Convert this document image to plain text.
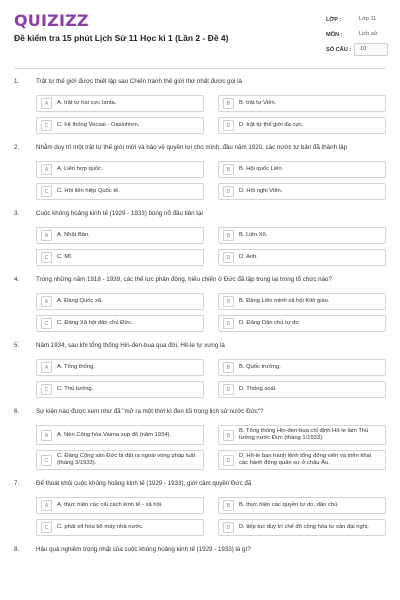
QUIZIZZ
Đề kiểm tra 15 phút Lịch Sử 11 Học kì 1 (Lần 2 - Đề 4)
LỚP :	Lớp 11
MÔN :	Lịch sử
SỐ CÂU :	10
1.	Trật tự thế giới được thiết lập sau Chiến tranh thế giới thứ nhất được gọi là
A	A. trật tự hai cực Ianta.	B	B. trật tự Viên.
C	C. hệ thống Vecxai - Oasinhtơn.	D	D. trật tự thế giới đa cực.
2.	Nhằm duy trì một trật tự thế giới mới và bảo vệ quyền lợi cho mình, đầu năm 1920, các nước tư bản đã thành lập
A	A. Liên hợp quốc.	B	B. Hội quốc Liên.
C	C. Hội liên hiệp Quốc tế.	D	D. Hội nghị Viên.
3.	Cuộc khủng hoảng kinh tế (1929 - 1933) bùng nổ đầu tiên tại
A	A. Nhật Bản.	B	B. Liên Xô.
C	C. Mĩ.	D	D. Anh.
4.	Trong những năm 1918 - 1939, các thế lực phản động, hiếu chiến ở Đức đã tập trung lại trong tổ chức nào?
A	A. Đảng Quốc xã.	B	B. Đảng Liên minh xã hội Kitô giáo.
C	C. Đảng Xã hội dân chủ Đức.	D	D. Đảng Dân chủ tự do.
5.	Năm 1934, sau khi tổng thống Hin-đen-bua qua đời, Hit-le tự xưng là
A	A. Tổng thống.	B	B. Quốc trưởng.
C	C. Thủ tướng.	D	D. Thống soái.
6.	Sự kiện nào được xem như đã "mở ra một thời kì đen tối trong lịch sử nước Đức"?
A	A. Nền Cộng hòa Vaima sụp đổ (năm 1934).	B
B. Tổng thống Hin-đen-bua chỉ định Hít-le làm Thủ tướng nước Đức (tháng 1/1933).
C
C. Đảng Cộng sản Đức bị đặt ra ngoài vòng pháp luật (tháng 3/1933).	D
D. Hít-le ban hành lệnh tổng động viên và triển khai các hành động quân sự ở châu Âu.
7.	Để thoát khỏi cuộc khủng hoảng kinh tế (1929 - 1933), giới cầm quyền Đức đã
A	A. thực hiện các cải cách kinh tế - xã hội.	B	B. thực hiện các quyền tự do, dân chủ.
C	C. phát xít hóa bộ máy nhà nước.	D	D. tiếp tục duy trì chế độ cộng hòa tư sản đại nghị.
8.	Hậu quả nghiêm trọng nhất của cuộc khủng hoảng kinh tế (1929 - 1933) là gì?
